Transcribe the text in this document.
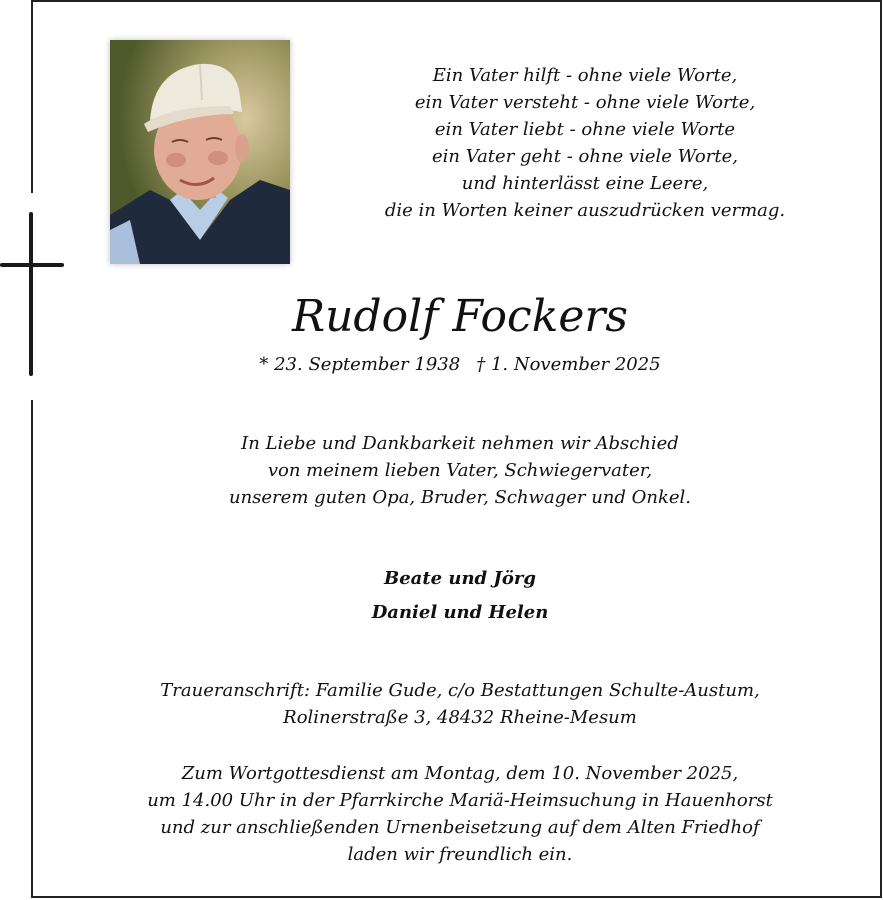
Ein Vater hilft - ohne viele Worte,
ein Vater versteht - ohne viele Worte,
ein Vater liebt - ohne viele Worte
ein Vater geht - ohne viele Worte,
und hinterlässt eine Leere,
die in Worten keiner auszudrücken vermag.
Rudolf Fockers
* 23. September 1938 † 1. November 2025
In Liebe und Dankbarkeit nehmen wir Abschied
von meinem lieben Vater, Schwiegervater,
unserem guten Opa, Bruder, Schwager und Onkel.
Beate und Jörg
Daniel und Helen
Traueranschrift: Familie Gude, c/o Bestattungen Schulte-Austum,
Rolinerstraße 3, 48432 Rheine-Mesum
Zum Wortgottesdienst am Montag, dem 10. November 2025,
um 14.00 Uhr in der Pfarrkirche Mariä-Heimsuchung in Hauenhorst
und zur anschließenden Urnenbeisetzung auf dem Alten Friedhof
laden wir freundlich ein.
